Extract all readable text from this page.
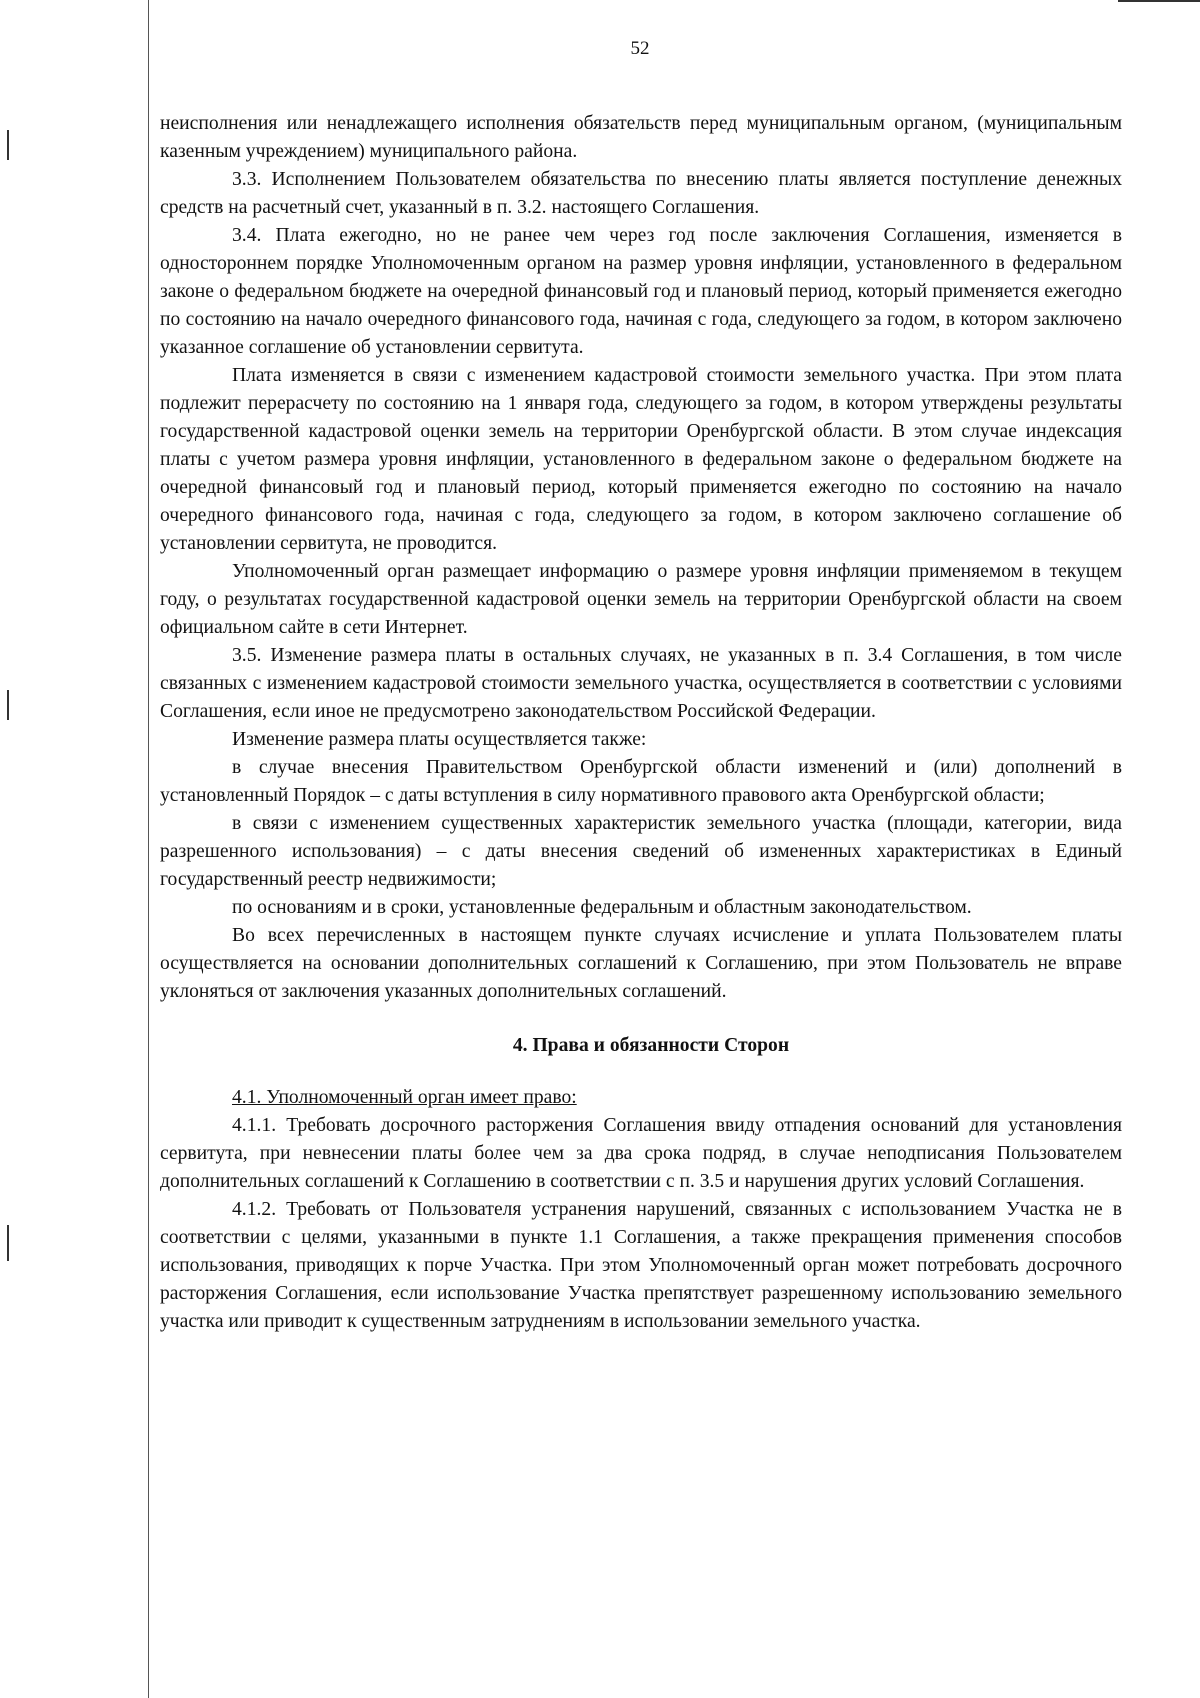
52

неисполнения или ненадлежащего исполнения обязательств перед муниципальным органом, (муниципальным казенным учреждением) муниципального района.

3.3. Исполнением Пользователем обязательства по внесению платы является поступление денежных средств на расчетный счет, указанный в п. 3.2. настоящего Соглашения.

3.4. Плата ежегодно, но не ранее чем через год после заключения Соглашения, изменяется в одностороннем порядке Уполномоченным органом на размер уровня инфляции, установленного в федеральном законе о федеральном бюджете на очередной финансовый год и плановый период, который применяется ежегодно по состоянию на начало очередного финансового года, начиная с года, следующего за годом, в котором заключено указанное соглашение об установлении сервитута.

Плата изменяется в связи с изменением кадастровой стоимости земельного участка. При этом плата подлежит перерасчету по состоянию на 1 января года, следующего за годом, в котором утверждены результаты государственной кадастровой оценки земель на территории Оренбургской области. В этом случае индексация платы с учетом размера уровня инфляции, установленного в федеральном законе о федеральном бюджете на очередной финансовый год и плановый период, который применяется ежегодно по состоянию на начало очередного финансового года, начиная с года, следующего за годом, в котором заключено соглашение об установлении сервитута, не проводится.

Уполномоченный орган размещает информацию о размере уровня инфляции применяемом в текущем году, о результатах государственной кадастровой оценки земель на территории Оренбургской области на своем официальном сайте в сети Интернет.

3.5. Изменение размера платы в остальных случаях, не указанных в п. 3.4 Соглашения, в том числе связанных с изменением кадастровой стоимости земельного участка, осуществляется в соответствии с условиями Соглашения, если иное не предусмотрено законодательством Российской Федерации.

Изменение размера платы осуществляется также:

в случае внесения Правительством Оренбургской области изменений и (или) дополнений в установленный Порядок – с даты вступления в силу нормативного правового акта Оренбургской области;

в связи с изменением существенных характеристик земельного участка (площади, категории, вида разрешенного использования) – с даты внесения сведений об измененных характеристиках в Единый государственный реестр недвижимости;

по основаниям и в сроки, установленные федеральным и областным законодательством.

Во всех перечисленных в настоящем пункте случаях исчисление и уплата Пользователем платы осуществляется на основании дополнительных соглашений к Соглашению, при этом Пользователь не вправе уклоняться от заключения указанных дополнительных соглашений.

4. Права и обязанности Сторон

4.1. Уполномоченный орган имеет право:

4.1.1. Требовать досрочного расторжения Соглашения ввиду отпадения оснований для установления сервитута, при невнесении платы более чем за два срока подряд, в случае неподписания Пользователем дополнительных соглашений к Соглашению в соответствии с п. 3.5 и нарушения других условий Соглашения.

4.1.2. Требовать от Пользователя устранения нарушений, связанных с использованием Участка не в соответствии с целями, указанными в пункте 1.1 Соглашения, а также прекращения применения способов использования, приводящих к порче Участка. При этом Уполномоченный орган может потребовать досрочного расторжения Соглашения, если использование Участка препятствует разрешенному использованию земельного участка или приводит к существенным затруднениям в использовании земельного участка.
